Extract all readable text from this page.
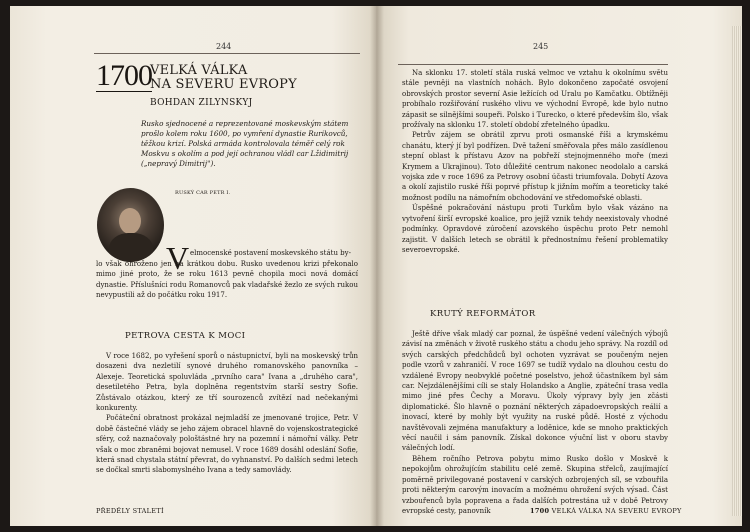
244
1700
VELKÁ VÁLKA
NA SEVERU EVROPY
BOHDAN ZILYNSKYJ
Rusko sjednocené a reprezentované moskevským státem prošlo kolem roku 1600, po vymření dynastie Rurikovců, těžkou krizí. Polská armáda kontrolovala téměř celý rok Moskvu s okolím a pod její ochranou vládl car Lžidimitrij („nepravý Dimitrij").
RUSKÝ CAR PETR I.
V elmocenské postavení moskevského státu by-

lo však ohroženo jen na krátkou dobu. Rusko uvedenou krizi překonalo mimo jiné proto, že se roku 1613 pevně chopila moci nová domácí dynastie. Příslušníci rodu Romanovců pak vladařské žezlo ze svých rukou nevypustili až do počátku roku 1917.

PETROVA CESTA K MOCI

V roce 1682, po vyřešení sporů o nástupnictví, byli na moskevský trůn dosazeni dva nezletilí synové druhého romanovského panovníka – Alexeje. Teoretická spoluvláda „prvního cara" Ivana a „druhého cara", desetiletého Petra, byla doplněna regentstvím starší sestry Sofie. Zůstávalo otázkou, který ze tří sourozenců zvítězí nad nečekanými konkurenty.

Počáteční obratnost prokázal nejmladší ze jmenované trojice, Petr. V době částečné vlády se jeho zájem obracel hlavně do vojenskostrategické sféry, což naznačovaly pološtástné hry na pozemní i námořní války. Petr však o moc zbraněmi bojovat nemusel. V roce 1689 dosáhl odeslání Sofie, která snad chystala státní převrat, do vyhnanství. Po dalších sedmi letech se dočkal smrti slabomyslného Ivana a tedy samovlády.

PŘEDĚLY STALETÍ
245

Na sklonku 17. století stála ruská velmoc ve vztahu k okolnímu světu stále pevněji na vlastních nohách. Bylo dokončeno započaté osvojení obrovských prostor severní Asie ležících od Uralu po Kamčatku. Obtížněji probíhalo rozšiřování ruského vlivu ve východní Evropě, kde bylo nutno zápasit se silnějšími soupeři. Polsko i Turecko, o které především šlo, však prožívaly na sklonku 17. století období zřetelného úpadku.

Petrův zájem se obrátil zprvu proti osmanské říši a krymskému chanátu, který jí byl podřízen. Dvě tažení směřovala přes málo zasídlenou stepní oblast k přístavu Azov na pobřeží stejnojmenného moře (mezi Krymem a Ukrajinou). Toto důležité centrum nakonec neodolalo a carská vojska zde v roce 1696 za Petrovy osobní účasti triumfovala. Dobytí Azova a okolí zajistilo ruské říši poprvé přístup k jižním mořím a teoreticky také možnost podílu na námořním obchodování ve středomořské oblasti.

Úspěšné pokračování nástupu proti Turkům bylo však vázáno na vytvoření širší evropské koalice, pro jejíž vznik tehdy neexistovaly vhodné podmínky. Opravdové zúročení azovského úspěchu proto Petr nemohl zajistit. V dalších letech se obrátil k přednostnímu řešení problematiky severoevropské.

KRUTÝ REFORMÁTOR

Ještě dříve však mladý car poznal, že úspěšné vedení válečných výbojů závisí na změnách v životě ruského státu a chodu jeho správy. Na rozdíl od svých carských předchůdců byl ochoten vyzrávat se poučeným nejen podle vzorů v zahraničí. V roce 1697 se tudíž vydalo na dlouhou cestu do vzdálené Evropy neobvyklé početné poselstvo, jehož účastníkem byl sám car. Nejzdálenějšími cíli se staly Holandsko a Anglie, zpáteční trasa vedla mimo jiné přes Čechy a Moravu. Úkoly výpravy byly jen zčásti diplomatické. Šlo hlavně o poznání některých západoevropských reálií a inovací, které by mohly být využity na ruské půdě. Hosté z východu navštěvovali zejména manufaktury a loděnice, kde se mnoho praktických věcí naučil i sám panovník. Získal dokonce výuční list v oboru stavby válečných lodí.

Během ročního Petrova pobytu mimo Rusko došlo v Moskvě k nepokojům ohrožujícím stabilitu celé země. Skupina střelců, zaujímající poměrně privilegované postavení v carských ozbrojených síl, se vzbouřila proti některým carovým inovacím a možnému ohrožení svých výsad. Část vzbouřenců byla popravena a řada dalších potrestána už v době Petrovy evropské cesty, panovník	1700 VELKÁ VÁLKA NA SEVERU EVROPY
